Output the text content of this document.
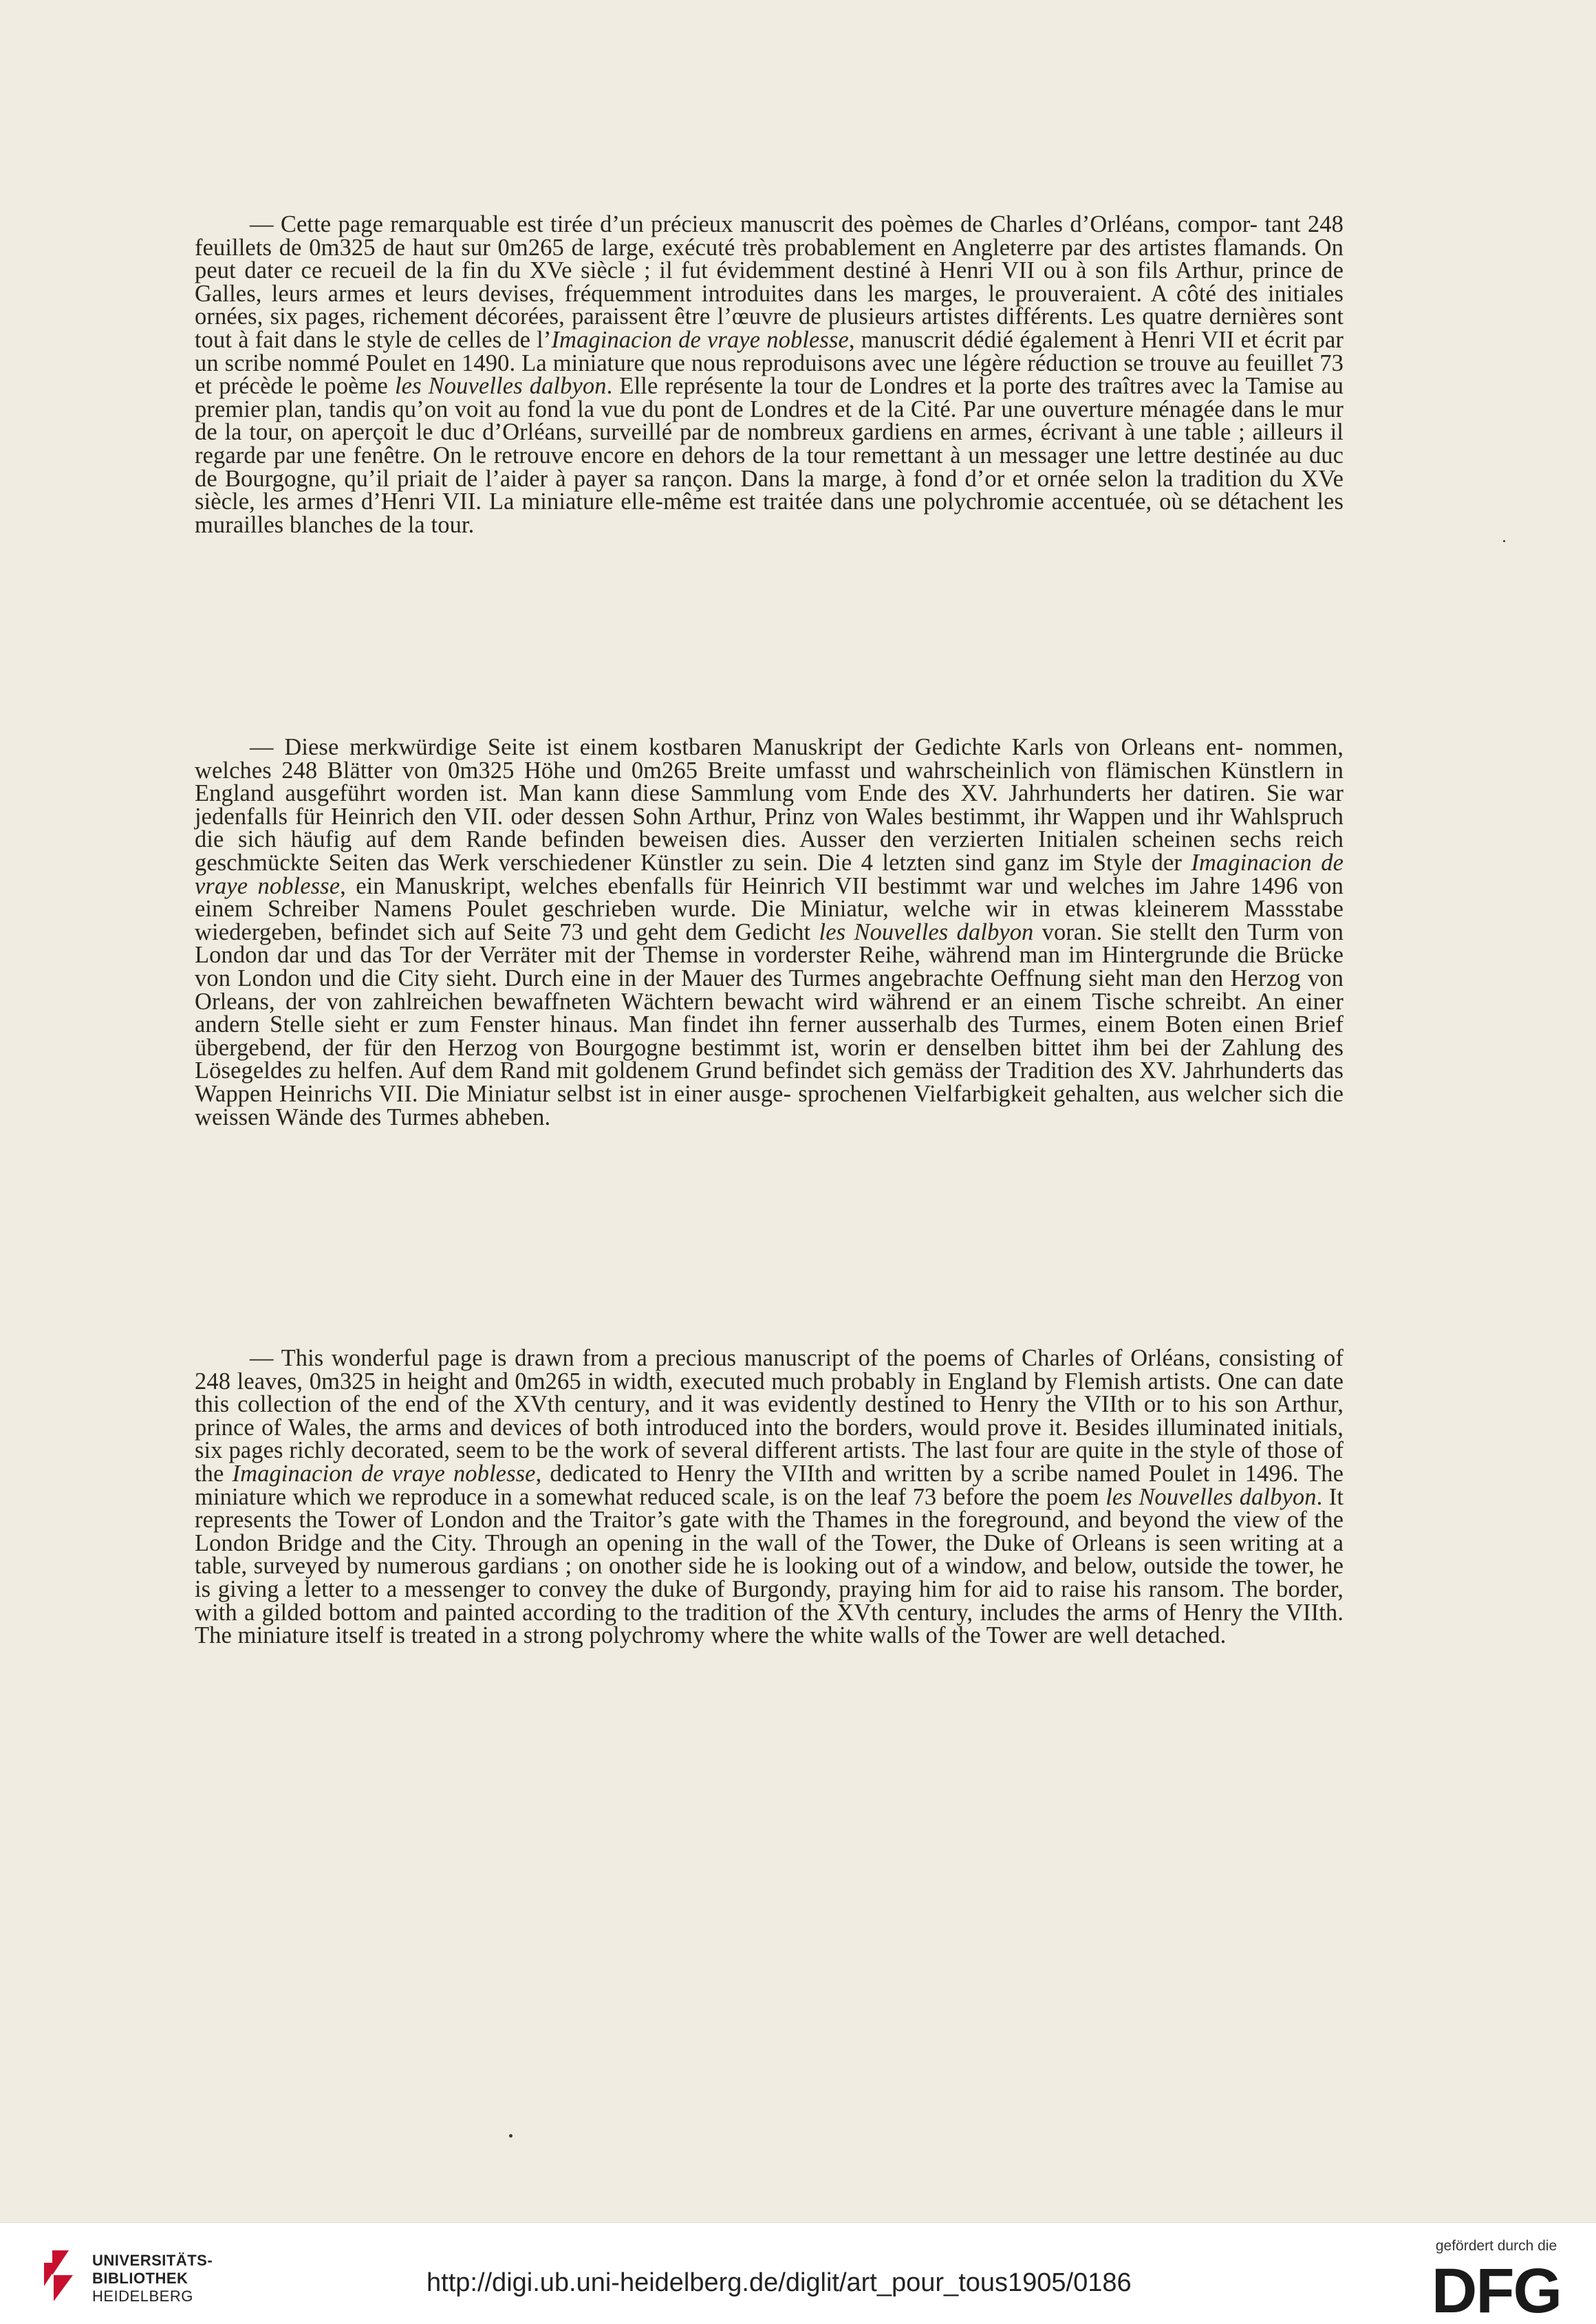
— Cette page remarquable est tirée d’un précieux manuscrit des poèmes de Charles d’Orléans, compor- tant 248 feuillets de 0m325 de haut sur 0m265 de large, exécuté très probablement en Angleterre par des artistes flamands. On peut dater ce recueil de la fin du XVe siècle ; il fut évidemment destiné à Henri VII ou à son fils Arthur, prince de Galles, leurs armes et leurs devises, fréquemment introduites dans les marges, le prouveraient. A côté des initiales ornées, six pages, richement décorées, paraissent être l’œuvre de plusieurs artistes différents. Les quatre dernières sont tout à fait dans le style de celles de l’Imaginacion de vraye noblesse, manuscrit dédié également à Henri VII et écrit par un scribe nommé Poulet en 1490. La miniature que nous reproduisons avec une légère réduction se trouve au feuillet 73 et précède le poème les Nouvelles dalbyon. Elle représente la tour de Londres et la porte des traîtres avec la Tamise au premier plan, tandis qu’on voit au fond la vue du pont de Londres et de la Cité. Par une ouverture ménagée dans le mur de la tour, on aperçoit le duc d’Orléans, surveillé par de nombreux gardiens en armes, écrivant à une table ; ailleurs il regarde par une fenêtre. On le retrouve encore en dehors de la tour remettant à un messager une lettre destinée au duc de Bourgogne, qu’il priait de l’aider à payer sa rançon. Dans la marge, à fond d’or et ornée selon la tradition du XVe siècle, les armes d’Henri VII. La miniature elle-même est traitée dans une polychromie accentuée, où se détachent les murailles blanches de la tour.

— Diese merkwürdige Seite ist einem kostbaren Manuskript der Gedichte Karls von Orleans ent- nommen, welches 248 Blätter von 0m325 Höhe und 0m265 Breite umfasst und wahrscheinlich von flämischen Künstlern in England ausgeführt worden ist. Man kann diese Sammlung vom Ende des XV. Jahrhunderts her datiren. Sie war jedenfalls für Heinrich den VII. oder dessen Sohn Arthur, Prinz von Wales bestimmt, ihr Wappen und ihr Wahlspruch die sich häufig auf dem Rande befinden beweisen dies. Ausser den verzierten Initialen scheinen sechs reich geschmückte Seiten das Werk verschiedener Künstler zu sein. Die 4 letzten sind ganz im Style der Imaginacion de vraye noblesse, ein Manuskript, welches ebenfalls für Heinrich VII bestimmt war und welches im Jahre 1496 von einem Schreiber Namens Poulet geschrieben wurde. Die Miniatur, welche wir in etwas kleinerem Massstabe wiedergeben, befindet sich auf Seite 73 und geht dem Gedicht les Nouvelles dalbyon voran. Sie stellt den Turm von London dar und das Tor der Verräter mit der Themse in vorderster Reihe, während man im Hintergrunde die Brücke von London und die City sieht. Durch eine in der Mauer des Turmes angebrachte Oeffnung sieht man den Herzog von Orleans, der von zahlreichen bewaffneten Wächtern bewacht wird während er an einem Tische schreibt. An einer andern Stelle sieht er zum Fenster hinaus. Man findet ihn ferner ausserhalb des Turmes, einem Boten einen Brief übergebend, der für den Herzog von Bourgogne bestimmt ist, worin er denselben bittet ihm bei der Zahlung des Lösegeldes zu helfen. Auf dem Rand mit goldenem Grund befindet sich gemäss der Tradition des XV. Jahrhunderts das Wappen Heinrichs VII. Die Miniatur selbst ist in einer ausge- sprochenen Vielfarbigkeit gehalten, aus welcher sich die weissen Wände des Turmes abheben.

— This wonderful page is drawn from a precious manuscript of the poems of Charles of Orléans, consisting of 248 leaves, 0m325 in height and 0m265 in width, executed much probably in England by Flemish artists. One can date this collection of the end of the XVth century, and it was evidently destined to Henry the VIIth or to his son Arthur, prince of Wales, the arms and devices of both introduced into the borders, would prove it. Besides illuminated initials, six pages richly decorated, seem to be the work of several different artists. The last four are quite in the style of those of the Imaginacion de vraye noblesse, dedicated to Henry the VIIth and written by a scribe named Poulet in 1496. The miniature which we reproduce in a somewhat reduced scale, is on the leaf 73 before the poem les Nouvelles dalbyon. It represents the Tower of London and the Traitor’s gate with the Thames in the foreground, and beyond the view of the London Bridge and the City. Through an opening in the wall of the Tower, the Duke of Orleans is seen writing at a table, surveyed by numerous gardians ; on onother side he is looking out of a window, and below, outside the tower, he is giving a letter to a messenger to convey the duke of Burgondy, praying him for aid to raise his ransom. The border, with a gilded bottom and painted according to the tradition of the XVth century, includes the arms of Henry the VIIth. The miniature itself is treated in a strong polychromy where the white walls of the Tower are well detached.

UNIVERSITÄTS-
BIBLIOTHEK
HEIDELBERG	http://digi.ub.uni-heidelberg.de/diglit/art_pour_tous1905/0186
gefördert durch die
DFG
